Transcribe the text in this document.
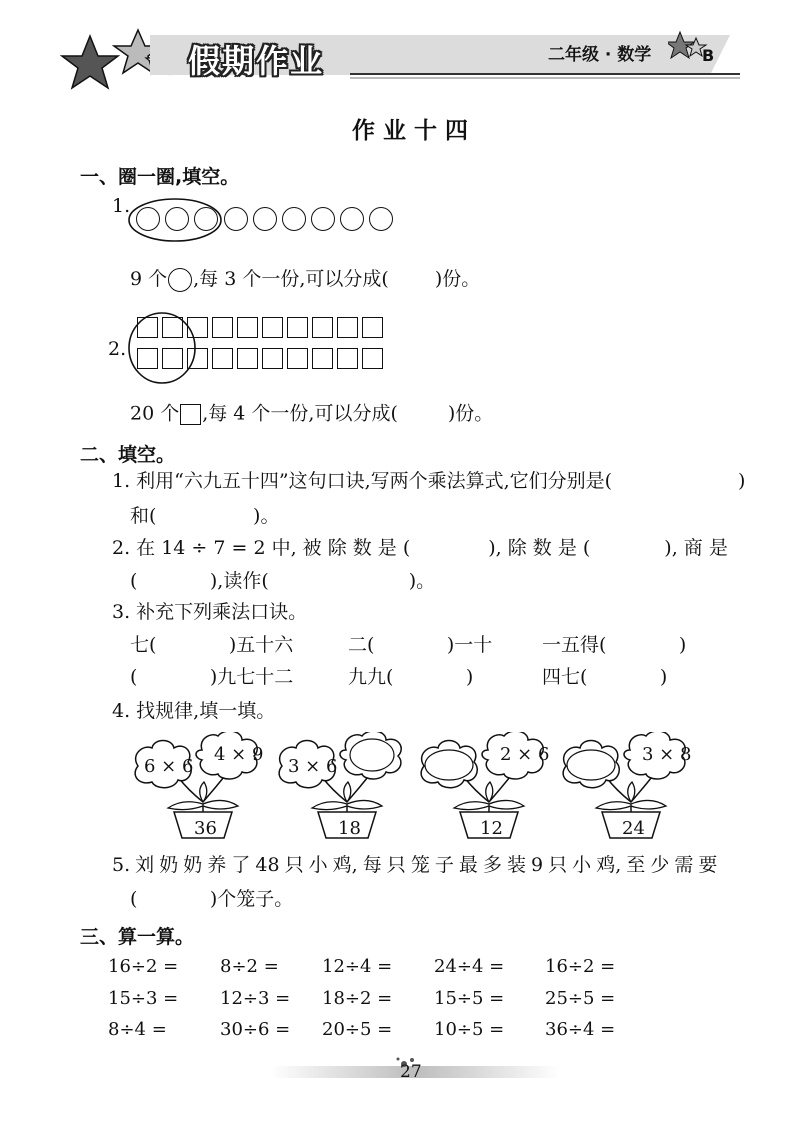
假期作业	二年级 · 数学	B
作业十四
一、圈一圈,填空。
1.
9 个 ,每 3 个一份,可以分成( )份。
2.
20 个 ,每 4 个一份,可以分成(	)份。
二、填空。
1. 利用“六九五十四”这句口诀,写两个乘法算式,它们分别是(	)
和(                )。
2. 在 14 ÷ 7 = 2 中, 被 除 数 是 (	), 除 数 是 (	), 商 是
(            ),读作(	)。
3. 补充下列乘法口诀。
七(            )五十六	二(            )一十	一五得(            )
(            )九七十二	九九(            )	四七(            )
4. 找规律,填一填。
6 × 6
4 × 9
36
3 × 6
18
2 × 6
12
3 × 8
24
5. 刘 奶 奶 养 了 48 只 小 鸡, 每 只 笼 子 最 多 装 9 只 小 鸡, 至 少 需 要
(            )个笼子。
三、算一算。
16÷2 = 8÷2 = 12÷4 = 24÷4 = 16÷2 =
15÷3 = 12÷3 = 18÷2 = 15÷5 = 25÷5 =
8÷4 =	30÷6 = 20÷5 = 10÷5 = 36÷4 =
27
